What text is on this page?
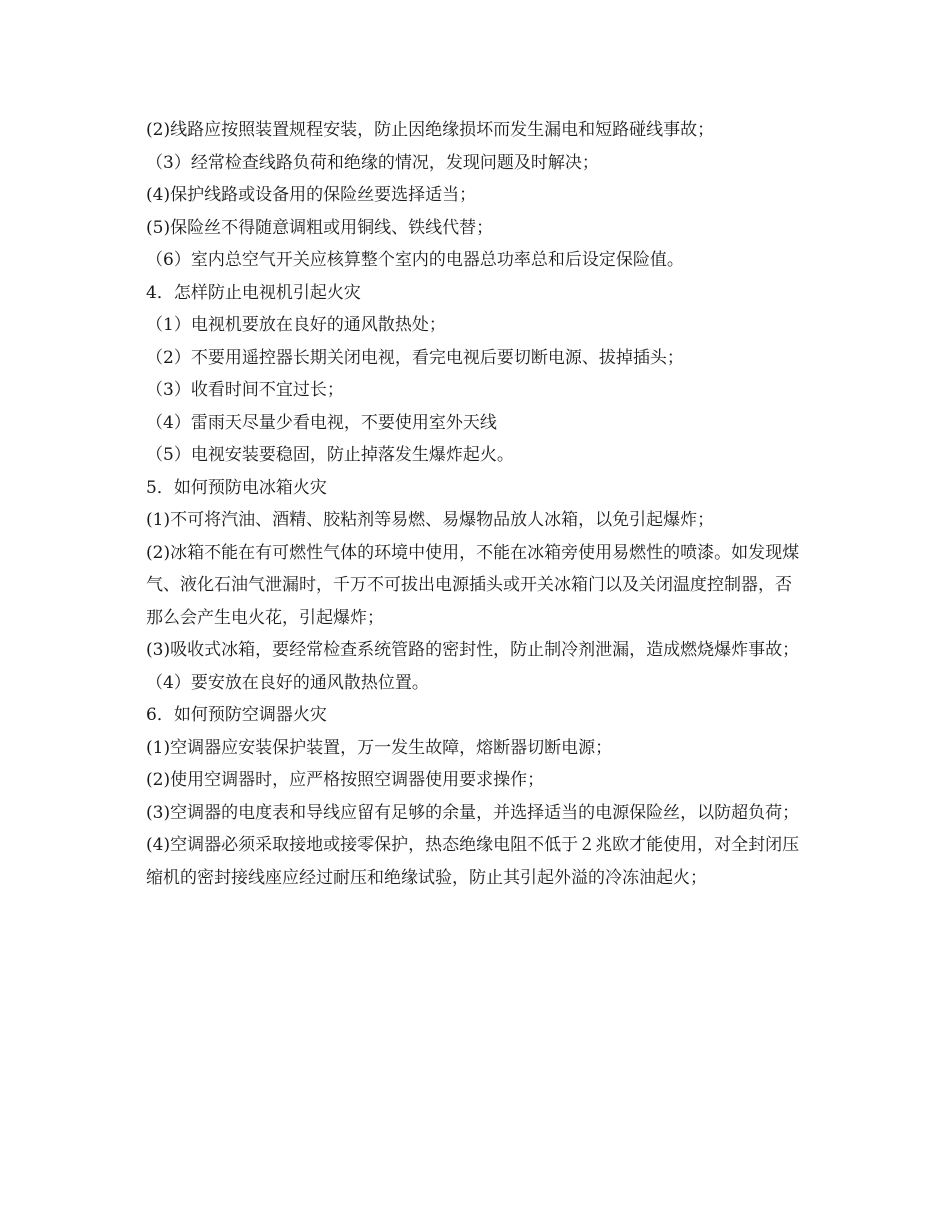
(2)线路应按照装置规程安装，防止因绝缘损坏而发生漏电和短路碰线事故；

（3）经常检查线路负荷和绝缘的情况，发现问题及时解决；

(4)保护线路或设备用的保险丝要选择适当；

(5)保险丝不得随意调粗或用铜线、铁线代替；

（6）室内总空气开关应核算整个室内的电器总功率总和后设定保险值。

4．怎样防止电视机引起火灾

（1）电视机要放在良好的通风散热处；

（2）不要用遥控器长期关闭电视，看完电视后要切断电源、拔掉插头；

（3）收看时间不宜过长；

（4）雷雨天尽量少看电视，不要使用室外天线

（5）电视安装要稳固，防止掉落发生爆炸起火。

5．如何预防电冰箱火灾

(1)不可将汽油、酒精、胶粘剂等易燃、易爆物品放人冰箱，以免引起爆炸；

(2)冰箱不能在有可燃性气体的环境中使用，不能在冰箱旁使用易燃性的喷漆。如发现煤气、液化石油气泄漏时，千万不可拔出电源插头或开关冰箱门以及关闭温度控制器，否那么会产生电火花，引起爆炸；

(3)吸收式冰箱，要经常检查系统管路的密封性，防止制冷剂泄漏，造成燃烧爆炸事故；

（4）要安放在良好的通风散热位置。

6．如何预防空调器火灾

(1)空调器应安装保护装置，万一发生故障，熔断器切断电源；

(2)使用空调器时，应严格按照空调器使用要求操作；

(3)空调器的电度表和导线应留有足够的余量，并选择适当的电源保险丝，以防超负荷；

(4)空调器必须采取接地或接零保护，热态绝缘电阻不低于２兆欧才能使用，对全封闭压缩机的密封接线座应经过耐压和绝缘试验，防止其引起外溢的冷冻油起火；
